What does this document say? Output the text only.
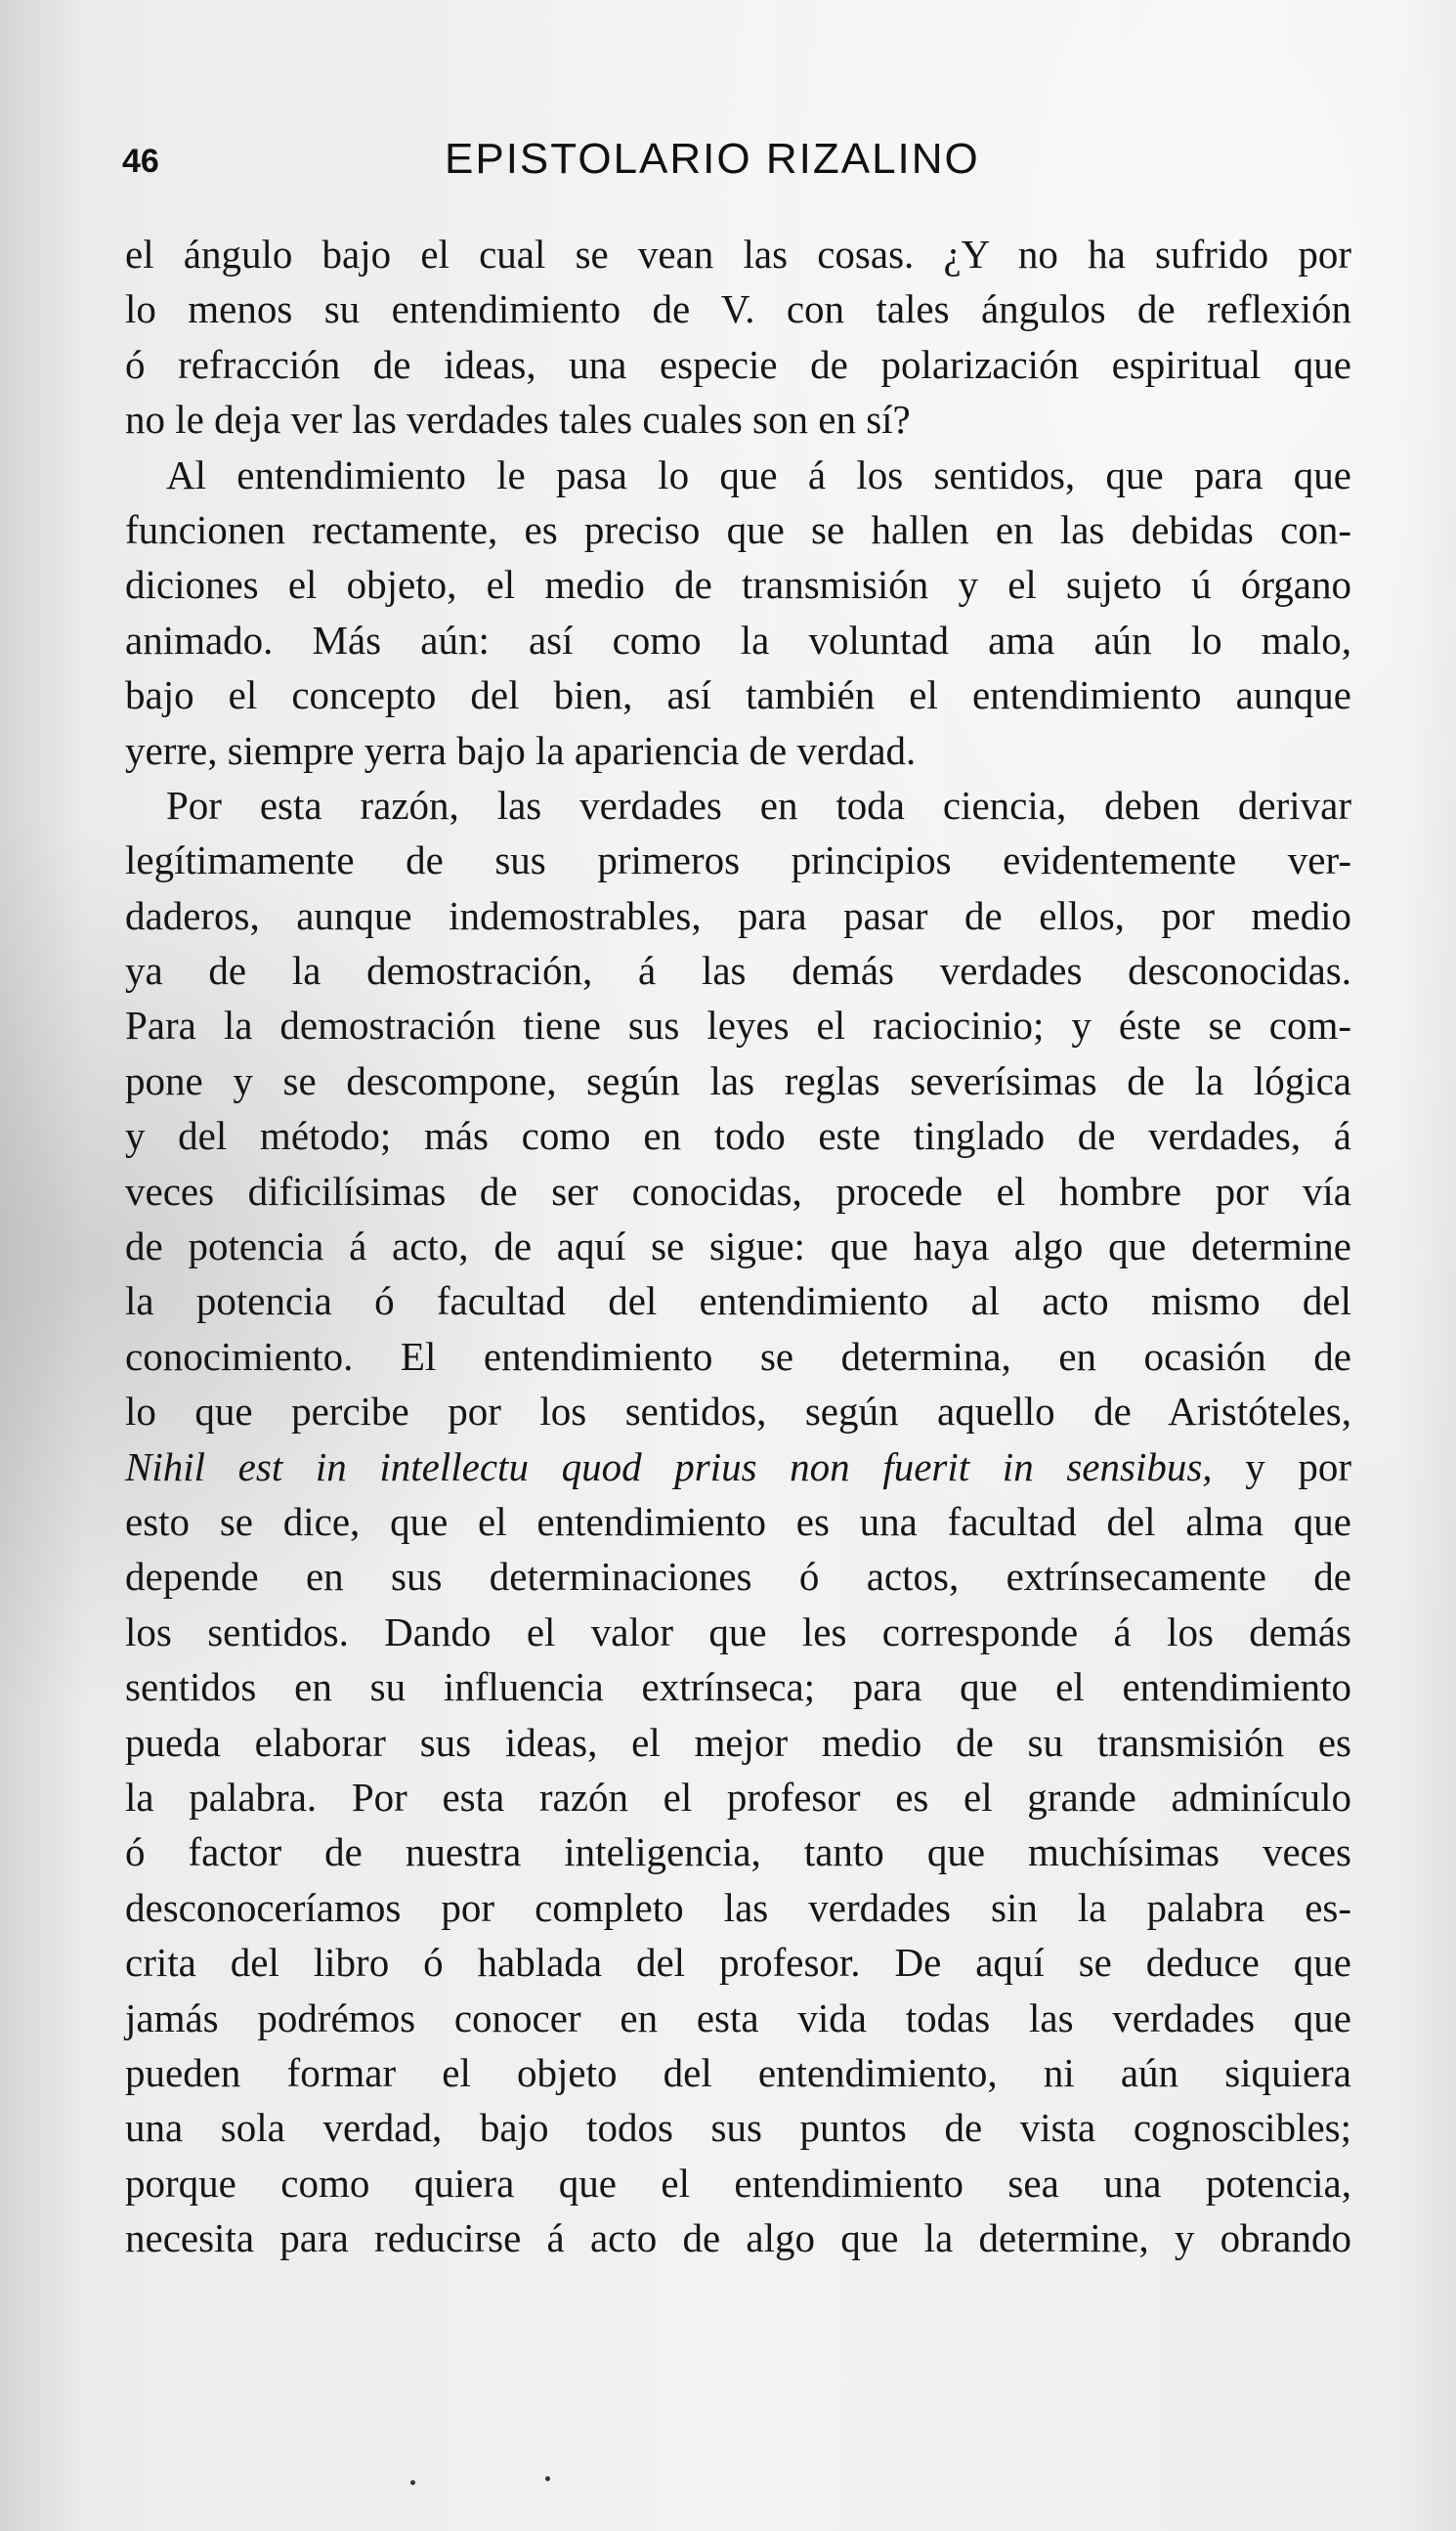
46	EPISTOLARIO RIZALINO
el ángulo bajo el cual se vean las cosas. ¿Y no ha sufrido por
lo menos su entendimiento de V. con tales ángulos de reflexión
ó refracción de ideas, una especie de polarización espiritual que
no le deja ver las verdades tales cuales son en sí?
Al entendimiento le pasa lo que á los sentidos, que para que
funcionen rectamente, es preciso que se hallen en las debidas con-
diciones el objeto, el medio de transmisión y el sujeto ú órgano
animado. Más aún: así como la voluntad ama aún lo malo,
bajo el concepto del bien, así también el entendimiento aunque
yerre, siempre yerra bajo la apariencia de verdad.
Por esta razón, las verdades en toda ciencia, deben derivar
legítimamente de sus primeros principios evidentemente ver-
daderos, aunque indemostrables, para pasar de ellos, por medio
ya de la demostración, á las demás verdades desconocidas.
Para la demostración tiene sus leyes el raciocinio; y éste se com-
pone y se descompone, según las reglas severísimas de la lógica
y del método; más como en todo este tinglado de verdades, á
veces dificilísimas de ser conocidas, procede el hombre por vía
de potencia á acto, de aquí se sigue: que haya algo que determine
la potencia ó facultad del entendimiento al acto mismo del
conocimiento. El entendimiento se determina, en ocasión de
lo que percibe por los sentidos, según aquello de Aristóteles,
Nihil est in intellectu quod prius non fuerit in sensibus, y por
esto se dice, que el entendimiento es una facultad del alma que
depende en sus determinaciones ó actos, extrínsecamente de
los sentidos. Dando el valor que les corresponde á los demás
sentidos en su influencia extrínseca; para que el entendimiento
pueda elaborar sus ideas, el mejor medio de su transmisión es
la palabra. Por esta razón el profesor es el grande adminículo
ó factor de nuestra inteligencia, tanto que muchísimas veces
desconoceríamos por completo las verdades sin la palabra es-
crita del libro ó hablada del profesor. De aquí se deduce que
jamás podrémos conocer en esta vida todas las verdades que
pueden formar el objeto del entendimiento, ni aún siquiera
una sola verdad, bajo todos sus puntos de vista cognoscibles;
porque como quiera que el entendimiento sea una potencia,
necesita para reducirse á acto de algo que la determine, y obrando
